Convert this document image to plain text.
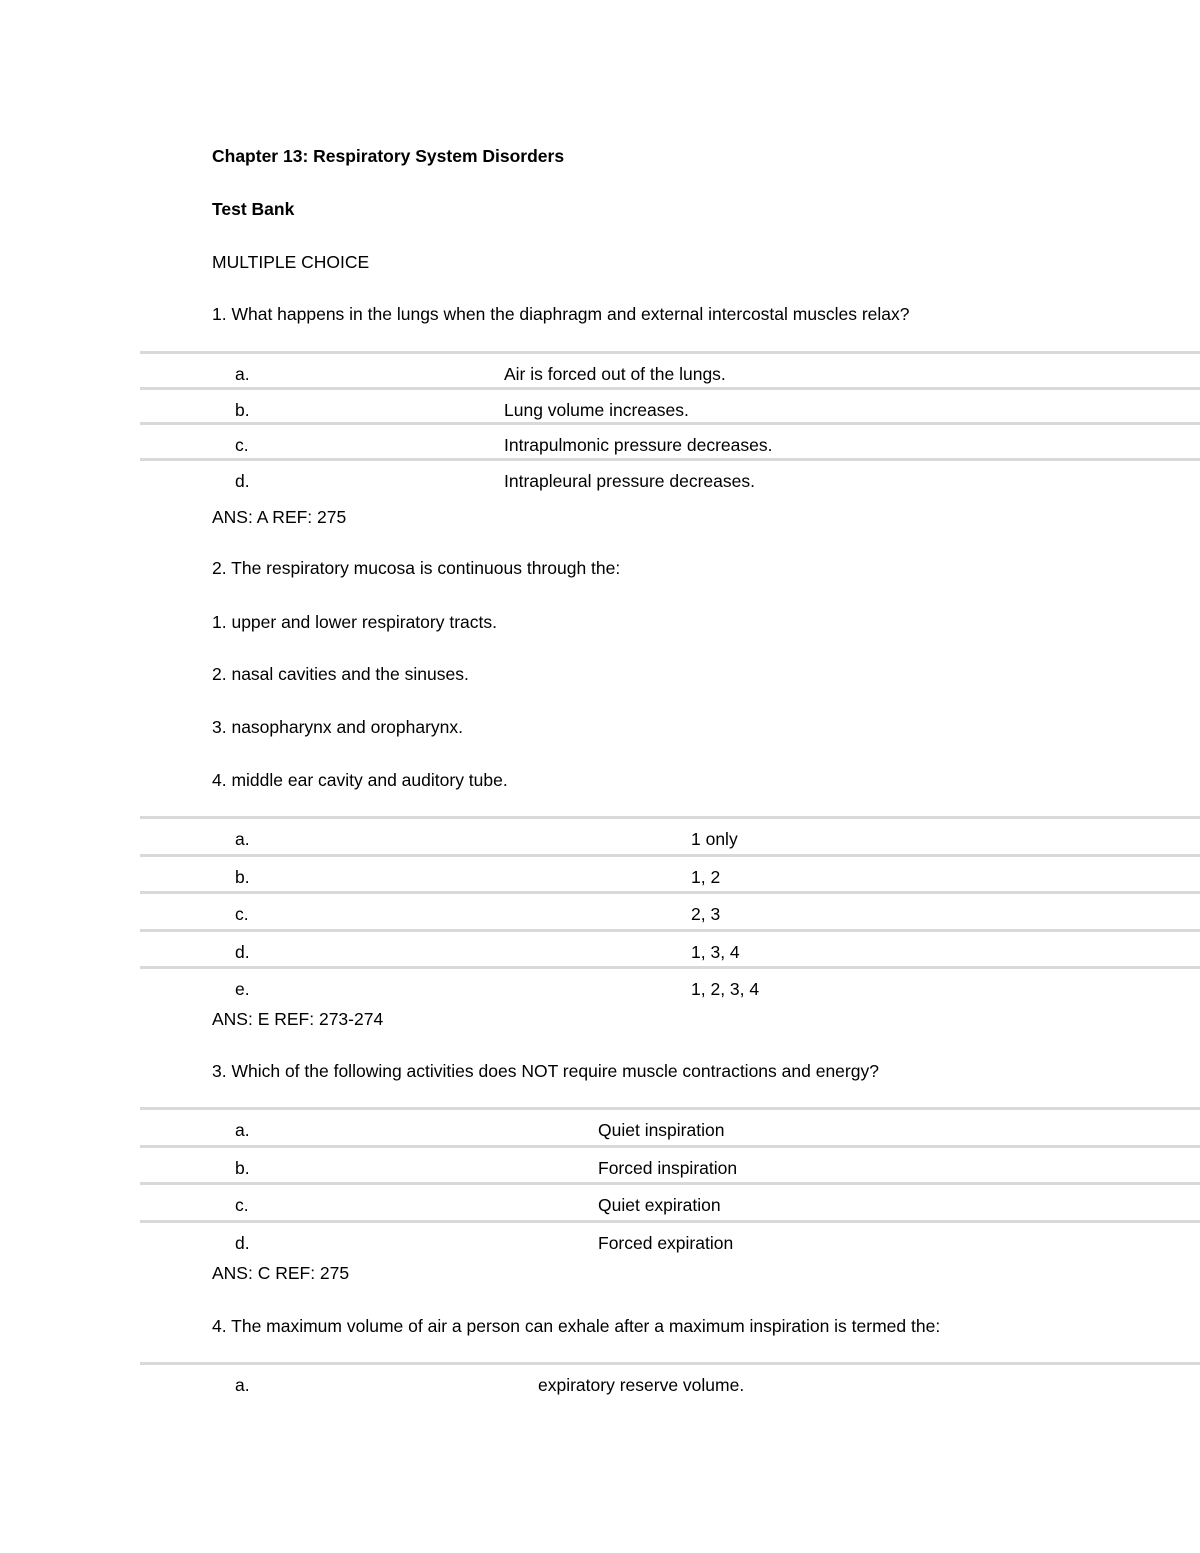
Chapter 13: Respiratory System Disorders
Test Bank
MULTIPLE CHOICE
1. What happens in the lungs when the diaphragm and external intercostal muscles relax?
a.	Air is forced out of the lungs.
b.	Lung volume increases.
c.	Intrapulmonic pressure decreases.
d.	Intrapleural pressure decreases.
ANS: A REF: 275
2. The respiratory mucosa is continuous through the:
1. upper and lower respiratory tracts.
2. nasal cavities and the sinuses.
3. nasopharynx and oropharynx.
4. middle ear cavity and auditory tube.
a.	1 only
b.	1, 2
c.	2, 3
d.	1, 3, 4
e.	1, 2, 3, 4
ANS: E REF: 273-274
3. Which of the following activities does NOT require muscle contractions and energy?
a.	Quiet inspiration
b.	Forced inspiration
c.	Quiet expiration
d.	Forced expiration
ANS: C REF: 275
4. The maximum volume of air a person can exhale after a maximum inspiration is termed the:
a.	expiratory reserve volume.
